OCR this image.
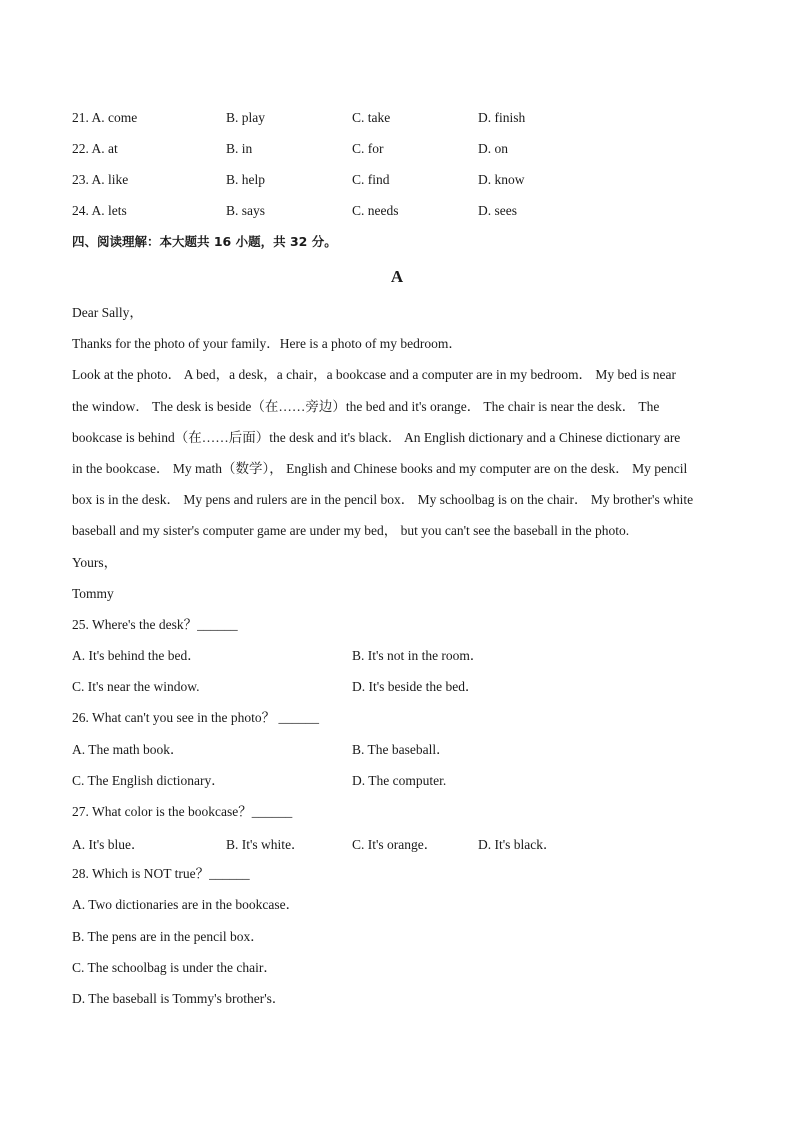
21. A. come	B. play	C. take	D. finish
22. A. at	B. in	C. for	D. on
23. A. like	B. help	C. find	D. know
24. A. lets	B. says	C. needs	D. sees
四、阅读理解：本大题共 16 小题，共 32 分。
A
Dear Sally，
Thanks for the photo of your family．Here is a photo of my bedroom．
Look at the photo． A bed，a desk，a chair，a bookcase and a computer are in my bedroom． My bed is near
the window． The desk is beside（在……旁边）the bed and it's orange． The chair is near the desk． The
bookcase is behind（在……后面）the desk and it's black． An English dictionary and a Chinese dictionary are
in the bookcase． My math（数学）， English and Chinese books and my computer are on the desk． My pencil
box is in the desk． My pens and rulers are in the pencil box． My schoolbag is on the chair． My brother's white
baseball and my sister's computer game are under my bed， but you can't see the baseball in the photo.
Yours，
Tommy
25. Where's the desk？______
A. It's behind the bed．	B. It's not in the room．
C. It's near the window.	D. It's beside the bed．
26. What can't you see in the photo？ ______
A. The math book．	B. The baseball．
C. The English dictionary．	D. The computer.
27. What color is the bookcase？______
A. It's blue．	B. It's white．	C. It's orange．	D. It's black．
28. Which is NOT true？______
A. Two dictionaries are in the bookcase．
B. The pens are in the pencil box．
C. The schoolbag is under the chair．
D. The baseball is Tommy's brother's．
